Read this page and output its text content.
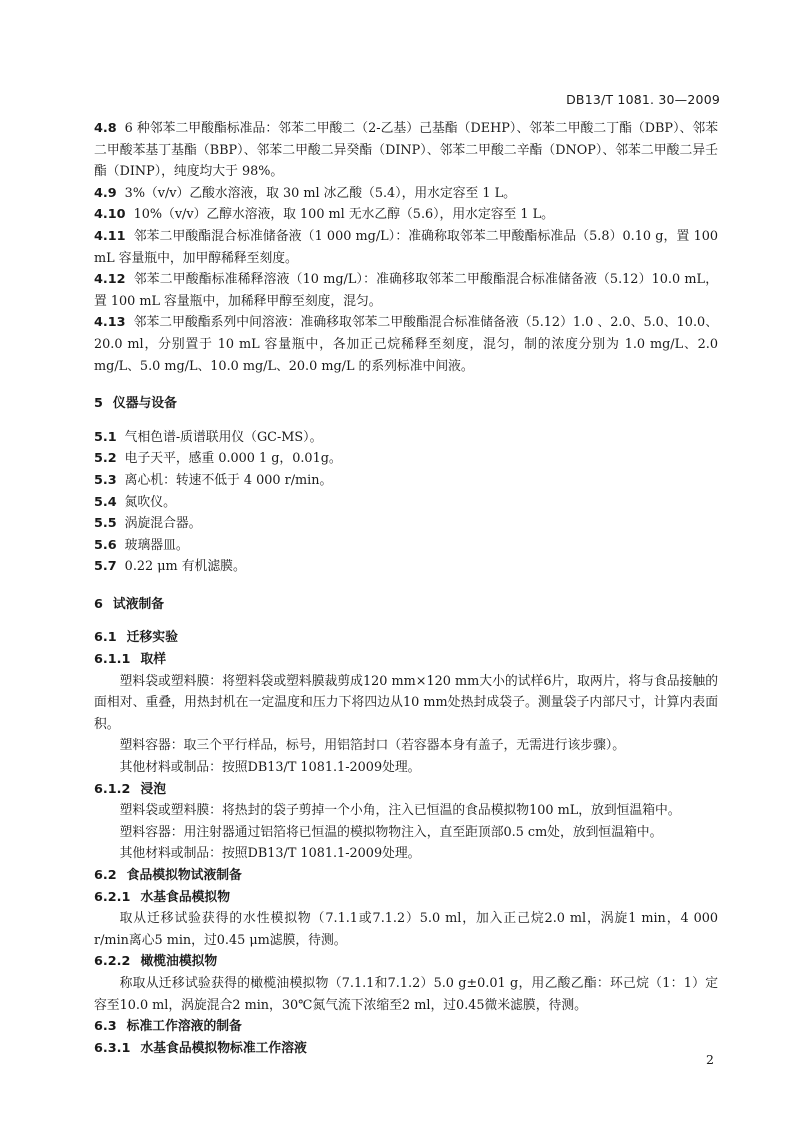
DB13/T 1081. 30—2009

4.8 6 种邻苯二甲酸酯标准品：邻苯二甲酸二（2-乙基）己基酯（DEHP）、邻苯二甲酸二丁酯（DBP）、邻苯二甲酸苯基丁基酯（BBP）、邻苯二甲酸二异癸酯（DINP）、邻苯二甲酸二辛酯（DNOP）、邻苯二甲酸二异壬酯（DINP），纯度均大于 98%。

4.9 3%（v/v）乙酸水溶液，取 30 ml 冰乙酸（5.4），用水定容至 1 L。

4.10 10%（v/v）乙醇水溶液，取 100 ml 无水乙醇（5.6），用水定容至 1 L。

4.11 邻苯二甲酸酯混合标准储备液（1 000 mg/L）：准确称取邻苯二甲酸酯标准品（5.8）0.10 g，置 100 mL 容量瓶中，加甲醇稀释至刻度。

4.12 邻苯二甲酸酯标准稀释溶液（10 mg/L）：准确移取邻苯二甲酸酯混合标准储备液（5.12）10.0 mL，置 100 mL 容量瓶中，加稀释甲醇至刻度，混匀。

4.13 邻苯二甲酸酯系列中间溶液：准确移取邻苯二甲酸酯混合标准储备液（5.12）1.0 、2.0、5.0、10.0、20.0 ml，分别置于 10 mL 容量瓶中，各加正己烷稀释至刻度，混匀，制的浓度分别为 1.0 mg/L、2.0 mg/L、5.0 mg/L、10.0 mg/L、20.0 mg/L 的系列标准中间液。

5 仪器与设备

5.1 气相色谱-质谱联用仪（GC-MS）。

5.2 电子天平，感重 0.000 1 g，0.01g。

5.3 离心机：转速不低于 4 000 r/min。

5.4 氮吹仪。

5.5 涡旋混合器。

5.6 玻璃器皿。

5.7 0.22 μm 有机滤膜。

6 试液制备

6.1 迁移实验

6.1.1 取样

塑料袋或塑料膜：将塑料袋或塑料膜裁剪成120 mm×120 mm大小的试样6片，取两片，将与食品接触的面相对、重叠，用热封机在一定温度和压力下将四边从10 mm处热封成袋子。测量袋子内部尺寸，计算内表面积。

塑料容器：取三个平行样品，标号，用铝箔封口（若容器本身有盖子，无需进行该步骤）。

其他材料或制品：按照DB13/T 1081.1-2009处理。

6.1.2 浸泡

塑料袋或塑料膜：将热封的袋子剪掉一个小角，注入已恒温的食品模拟物100 mL，放到恒温箱中。

塑料容器：用注射器通过铝箔将已恒温的模拟物物注入，直至距顶部0.5 cm处，放到恒温箱中。

其他材料或制品：按照DB13/T 1081.1-2009处理。

6.2 食品模拟物试液制备

6.2.1 水基食品模拟物

取从迁移试验获得的水性模拟物（7.1.1或7.1.2）5.0 ml，加入正己烷2.0 ml，涡旋1 min，4 000 r/min离心5 min，过0.45 μm滤膜，待测。

6.2.2 橄榄油模拟物

称取从迁移试验获得的橄榄油模拟物（7.1.1和7.1.2）5.0 g±0.01 g，用乙酸乙酯：环己烷（1：1）定容至10.0 ml，涡旋混合2 min，30℃氮气流下浓缩至2 ml，过0.45微米滤膜，待测。

6.3 标准工作溶液的制备

6.3.1 水基食品模拟物标准工作溶液

2
